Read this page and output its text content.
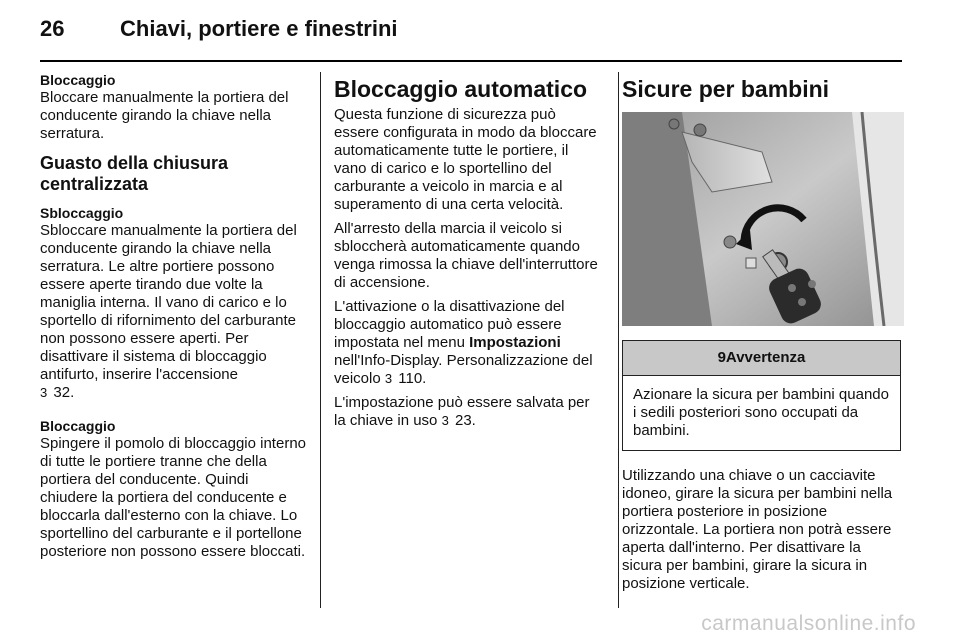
26	Chiavi, portiere e finestrini
Bloccaggio

Bloccare manualmente la portiera del conducente girando la chiave nella serratura.

Guasto della chiusura
centralizzata
Sbloccaggio

Sbloccare manualmente la portiera del conducente girando la chiave nella serratura. Le altre portiere possono essere aperte tirando due volte la maniglia interna. Il vano di carico e lo sportello di rifornimento del carburante non possono essere aperti. Per disattivare il sistema di bloccaggio antifurto, inserire l'accensione
3 32.

Bloccaggio

Spingere il pomolo di bloccaggio interno di tutte le portiere tranne che della portiera del conducente. Quindi chiudere la portiera del conducente e bloccarla dall'esterno con la chiave. Lo sportellino del carburante e il portellone posteriore non possono essere bloccati.

Bloccaggio automatico

Questa funzione di sicurezza può essere configurata in modo da bloccare automaticamente tutte le portiere, il vano di carico e lo sportellino del carburante a veicolo in marcia e al superamento di una certa velocità.

All'arresto della marcia il veicolo si sbloccherà automaticamente quando venga rimossa la chiave dell'interruttore di accensione.

L'attivazione o la disattivazione del bloccaggio automatico può essere impostata nel menu Impostazioni nell'Info-Display. Personalizzazione del veicolo 3 110.

L'impostazione può essere salvata per la chiave in uso 3 23.

Sicure per bambini
9Avvertenza
Azionare la sicura per bambini quando i sedili posteriori sono occupati da bambini.

Utilizzando una chiave o un cacciavite idoneo, girare la sicura per bambini nella portiera posteriore in posizione orizzontale. La portiera non potrà essere aperta dall'interno. Per disattivare la sicura per bambini, girare la sicura in posizione verticale.

carmanualsonline.info
